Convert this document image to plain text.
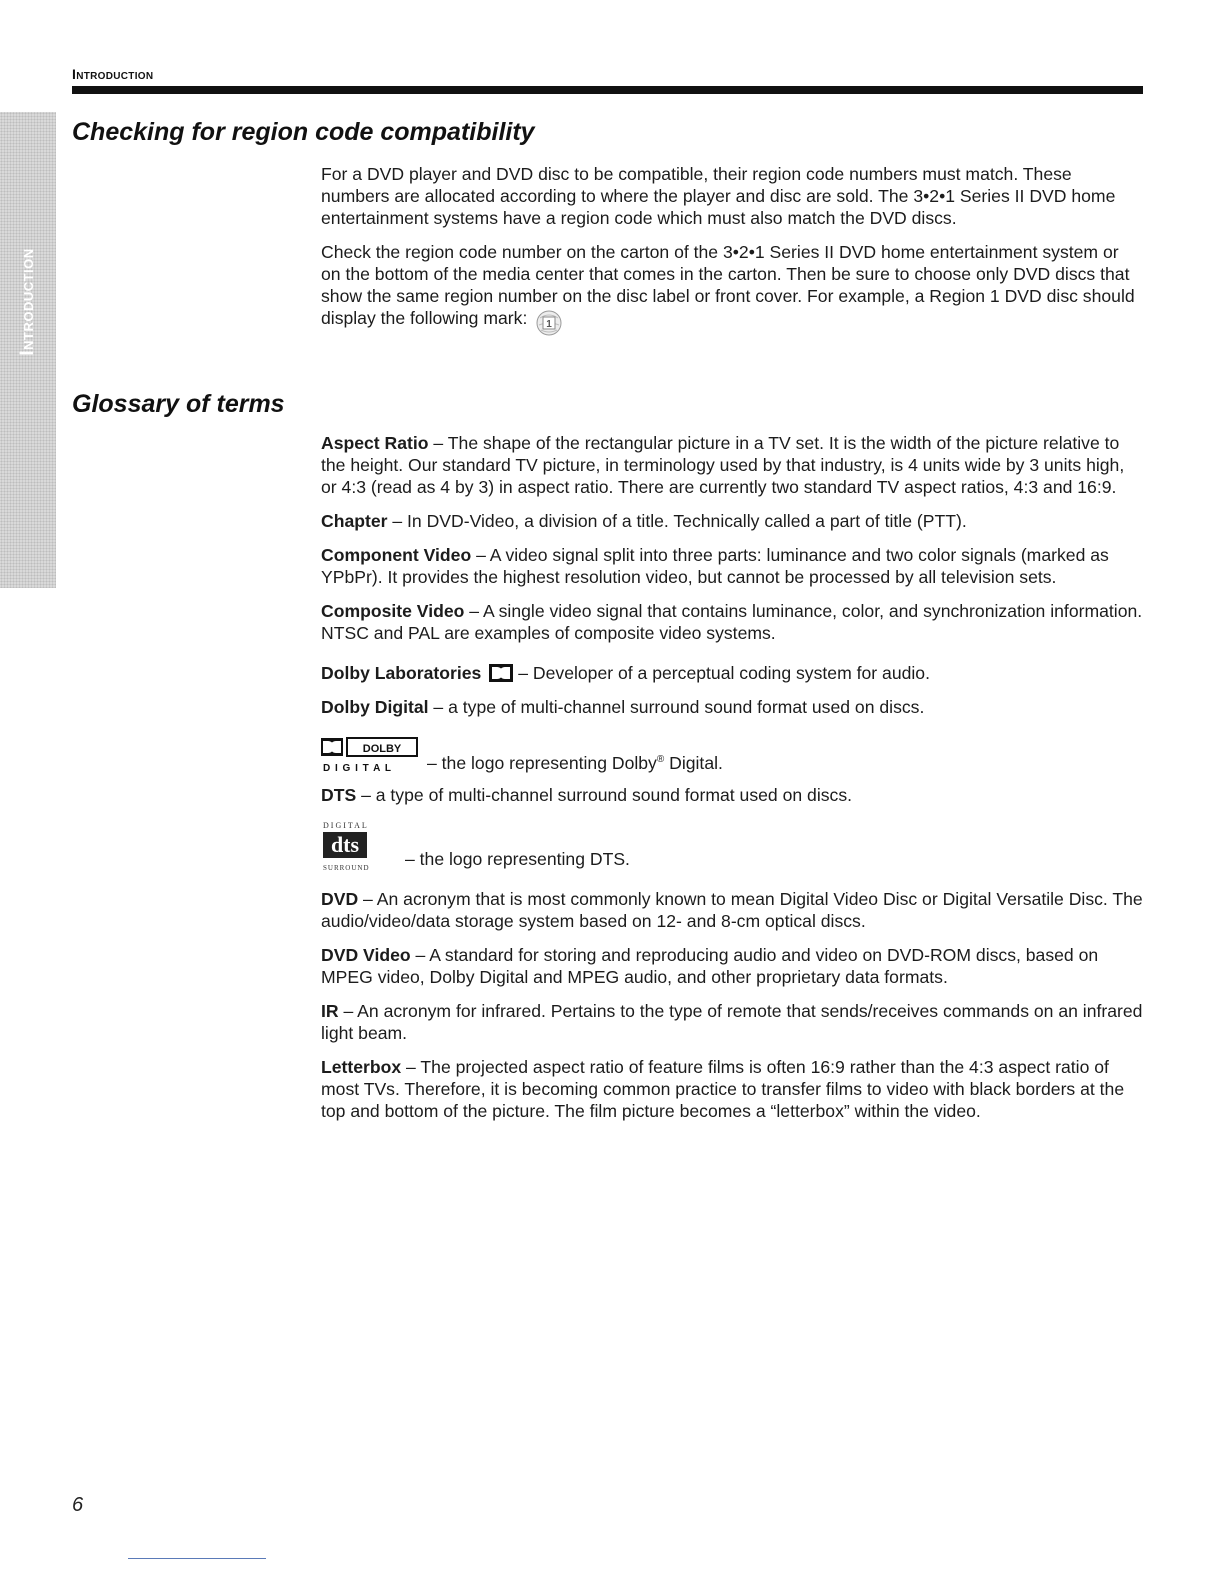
Introduction
Introduction
Checking for region code compatibility

For a DVD player and DVD disc to be compatible, their region code numbers must match. These numbers are allocated according to where the player and disc are sold. The 3•2•1 Series II DVD home entertainment systems have a region code which must also match the DVD discs.

Check the region code number on the carton of the 3•2•1 Series II DVD home entertainment system or on the bottom of the media center that comes in the carton. Then be sure to choose only DVD discs that show the same region number on the disc label or front cover. For example, a Region 1 DVD disc should display the following mark: 1

Glossary of terms

Aspect Ratio – The shape of the rectangular picture in a TV set. It is the width of the picture relative to the height. Our standard TV picture, in terminology used by that industry, is 4 units wide by 3 units high, or 4:3 (read as 4 by 3) in aspect ratio. There are currently two standard TV aspect ratios, 4:3 and 16:9.

Chapter – In DVD-Video, a division of a title. Technically called a part of title (PTT).

Component Video – A video signal split into three parts: luminance and two color signals (marked as YPbPr). It provides the highest resolution video, but cannot be processed by all television sets.

Composite Video – A single video signal that contains luminance, color, and synchronization information. NTSC and PAL are examples of composite video systems.

Dolby Laboratories – Developer of a perceptual coding system for audio.

Dolby Digital – a type of multi-channel surround sound format used on discs.

DOLBY
D I G I T A L – the logo representing Dolby® Digital.

DTS – a type of multi-channel surround sound format used on discs.

DIGITAL
dts
SURROUND – the logo representing DTS.

DVD – An acronym that is most commonly known to mean Digital Video Disc or Digital Versatile Disc. The audio/video/data storage system based on 12- and 8-cm optical discs.

DVD Video – A standard for storing and reproducing audio and video on DVD-ROM discs, based on MPEG video, Dolby Digital and MPEG audio, and other proprietary data formats.

IR – An acronym for infrared. Pertains to the type of remote that sends/receives commands on an infrared light beam.

Letterbox – The projected aspect ratio of feature films is often 16:9 rather than the 4:3 aspect ratio of most TVs. Therefore, it is becoming common practice to transfer films to video with black borders at the top and bottom of the picture. The film picture becomes a “letterbox” within the video.

6
